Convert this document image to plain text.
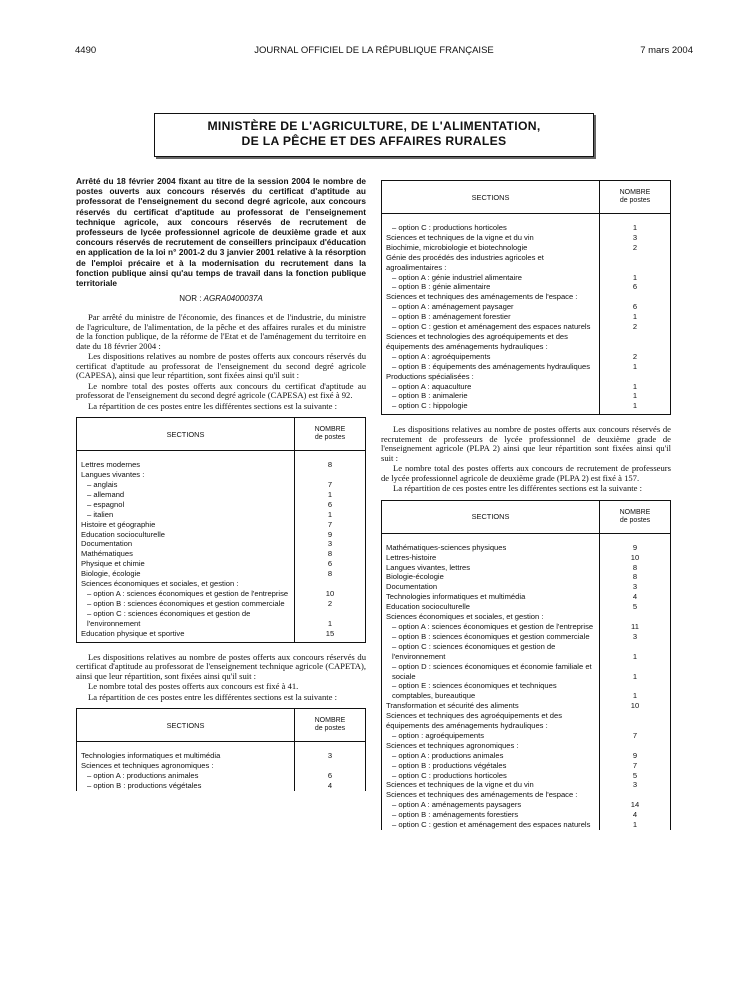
4490	JOURNAL OFFICIEL DE LA RÉPUBLIQUE FRANÇAISE	7 mars 2004
MINISTÈRE DE L'AGRICULTURE, DE L'ALIMENTATION,
DE LA PÊCHE ET DES AFFAIRES RURALES

Arrêté du 18 février 2004 fixant au titre de la session 2004 le nombre de postes ouverts aux concours réservés du certificat d'aptitude au professorat de l'enseignement du second degré agricole, aux concours réservés du certificat d'aptitude au professorat de l'enseignement technique agricole, aux concours réservés de recrutement de professeurs de lycée professionnel agricole de deuxième grade et aux concours réservés de recrutement de conseillers principaux d'éducation en application de la loi n° 2001-2 du 3 janvier 2001 relative à la résorption de l'emploi précaire et à la modernisation du recrutement dans la fonction publique ainsi qu'au temps de travail dans la fonction publique territoriale

NOR : AGRA0400037A

Par arrêté du ministre de l'économie, des finances et de l'industrie, du ministre de l'agriculture, de l'alimentation, de la pêche et des affaires rurales et du ministre de la fonction publique, de la réforme de l'Etat et de l'aménagement du territoire en date du 18 février 2004 :

Les dispositions relatives au nombre de postes offerts aux concours réservés du certificat d'aptitude au professorat de l'enseignement du second degré agricole (CAPESA), ainsi que leur répartition, sont fixées ainsi qu'il suit :

Le nombre total des postes offerts aux concours du certificat d'aptitude au professorat de l'enseignement du second degré agricole (CAPESA) est fixé à 92.

La répartition de ces postes entre les différentes sections est la suivante :

SECTIONS	NOMBRE
de postes

Lettres modernes	8
Langues vivantes :	
– anglais	7
– allemand	1
– espagnol	6
– italien	1
Histoire et géographie	7
Education socioculturelle	9
Documentation	3
Mathématiques	8
Physique et chimie	6
Biologie, écologie	8
Sciences économiques et sociales, et gestion :	
– option A : sciences économiques et gestion de l'entreprise	10
– option B : sciences économiques et gestion commerciale	2
– option C : sciences économiques et gestion de l'environnement	1
Education physique et sportive	15

Les dispositions relatives au nombre de postes offerts aux concours réservés du certificat d'aptitude au professorat de l'enseignement technique agricole (CAPETA), ainsi que leur répartition, sont fixées ainsi qu'il suit :

Le nombre total des postes offerts aux concours est fixé à 41.

La répartition de ces postes entre les différentes sections est la suivante :

SECTIONS	NOMBRE
de postes

Technologies informatiques et multimédia	3
Sciences et techniques agronomiques :	
– option A : productions animales	6
– option B : productions végétales	4
SECTIONS	NOMBRE
de postes

– option C : productions horticoles	1
Sciences et techniques de la vigne et du vin	3
Biochimie, microbiologie et biotechnologie	2
Génie des procédés des industries agricoles et agroalimentaires :	
– option A : génie industriel alimentaire	1
– option B : génie alimentaire	6
Sciences et techniques des aménagements de l'espace :	
– option A : aménagement paysager	6
– option B : aménagement forestier	1
– option C : gestion et aménagement des espaces naturels	2
Sciences et technologies des agroéquipements et des équipements des aménagements hydrauliques :	
– option A : agroéquipements	2
– option B : équipements des aménagements hydrauliques	1
Productions spécialisées :	
– option A : aquaculture	1
– option B : animalerie	1
– option C : hippologie	1

Les dispositions relatives au nombre de postes offerts aux concours réservés de recrutement de professeurs de lycée professionnel de deuxième grade de l'enseignement agricole (PLPA 2) ainsi que leur répartition sont fixées ainsi qu'il suit :

Le nombre total des postes offerts aux concours de recrutement de professeurs de lycée professionnel agricole de deuxième grade (PLPA 2) est fixé à 157.

La répartition de ces postes entre les différentes sections est la suivante :

SECTIONS	NOMBRE
de postes

Mathématiques-sciences physiques	9
Lettres-histoire	10
Langues vivantes, lettres	8
Biologie-écologie	8
Documentation	3
Technologies informatiques et multimédia	4
Education socioculturelle	5
Sciences économiques et sociales, et gestion :	
– option A : sciences économiques et gestion de l'entreprise	11
– option B : sciences économiques et gestion commerciale	3
– option C : sciences économiques et gestion de l'environnement	1
– option D : sciences économiques et économie familiale et sociale	1
– option E : sciences économiques et techniques comptables, bureautique	1
Transformation et sécurité des aliments	10
Sciences et techniques des agroéquipements et des équipements des aménagements hydrauliques :	
– option : agroéquipements	7
Sciences et techniques agronomiques :	
– option A : productions animales	9
– option B : productions végétales	7
– option C : productions horticoles	5
Sciences et techniques de la vigne et du vin	3
Sciences et techniques des aménagements de l'espace :	
– option A : aménagements paysagers	14
– option B : aménagements forestiers	4
– option C : gestion et aménagement des espaces naturels	1
